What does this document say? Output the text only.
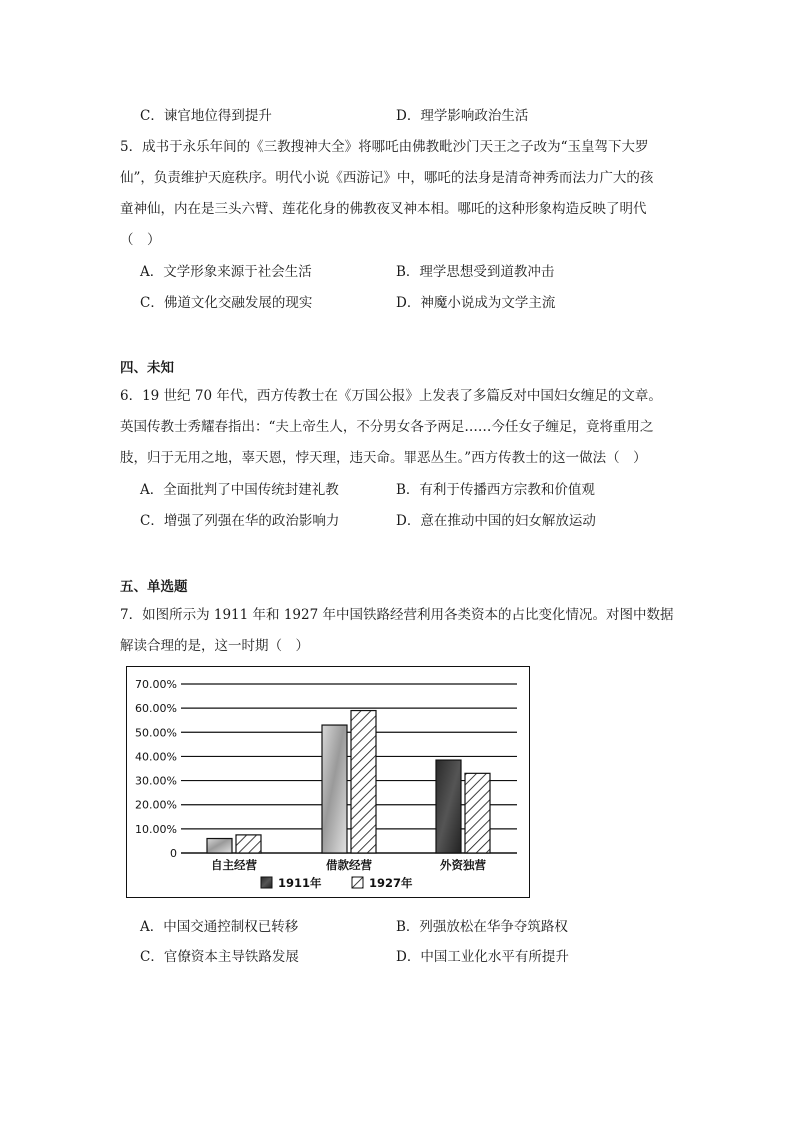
C．谏官地位得到提升	D．理学影响政治生活
5．成书于永乐年间的《三教搜神大全》将哪吒由佛教毗沙门天王之子改为“玉皇驾下大罗
仙”，负责维护天庭秩序。明代小说《西游记》中，哪吒的法身是清奇神秀而法力广大的孩
童神仙，内在是三头六臂、莲花化身的佛教夜叉神本相。哪吒的这种形象构造反映了明代
（　）
A．文学形象来源于社会生活	B．理学思想受到道教冲击
C．佛道文化交融发展的现实	D．神魔小说成为文学主流
四、未知
6．19 世纪 70 年代，西方传教士在《万国公报》上发表了多篇反对中国妇女缠足的文章。
英国传教士秀耀春指出：“夫上帝生人，不分男女各予两足……今任女子缠足，竟将重用之
肢，归于无用之地，辜天恩，悖天理，违天命。罪恶丛生。”西方传教士的这一做法（　）
A．全面批判了中国传统封建礼教	B．有利于传播西方宗教和价值观
C．增强了列强在华的政治影响力	D．意在推动中国的妇女解放运动
五、单选题
7．如图所示为 1911 年和 1927 年中国铁路经营利用各类资本的占比变化情况。对图中数据
解读合理的是，这一时期（　）
0
10.00%
20.00%
30.00%
40.00%
50.00%
60.00%
70.00%
自主经营	借款经营	外资独营
1911年	1927年
A．中国交通控制权已转移	B．列强放松在华争夺筑路权
C．官僚资本主导铁路发展	D．中国工业化水平有所提升
